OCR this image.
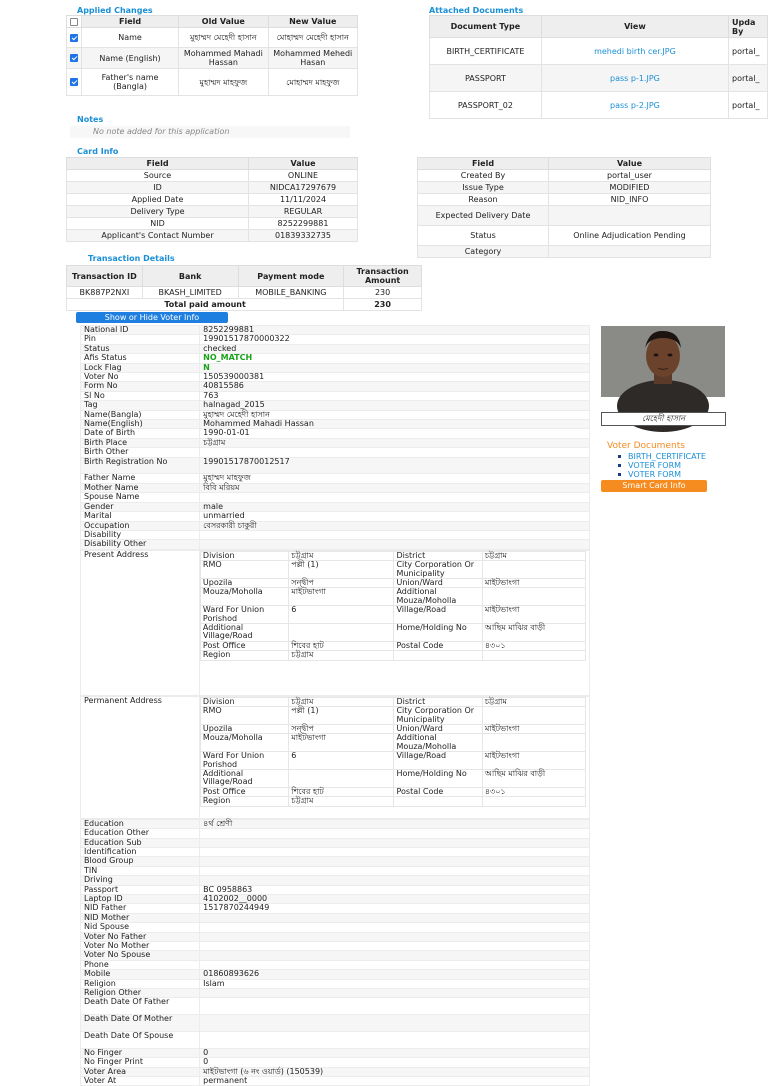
Applied Changes
	Field	Old Value	New Value
	Name	মুহাম্মদ মেহেদী হাসান	মোহাম্মদ মেহেদী হাসান
	Name (English)	Mohammed Mahadi Hassan	Mohammed Mehedi Hasan
	Father's name (Bangla)	মুহাম্মদ মাহফুজ	মোহাম্মদ মাহফুজ
Attached Documents
Document Type	View	Upda By
BIRTH_CERTIFICATE	mehedi birth cer.JPG	portal_
PASSPORT	pass p-1.JPG	portal_
PASSPORT_02	pass p-2.JPG	portal_
Notes
No note added for this application
Card Info
Field	Value
Source	ONLINE
ID	NIDCA17297679
Applied Date	11/11/2024
Delivery Type	REGULAR
NID	8252299881
Applicant's Contact Number	01839332735
Field	Value
Created By	portal_user
Issue Type	MODIFIED
Reason	NID_INFO
Expected Delivery Date	
Status	Online Adjudication Pending
Category	
Transaction Details
Transaction ID	Bank	Payment mode	Transaction Amount
BK887P2NXI	BKASH_LIMITED	MOBILE_BANKING	230
Total paid amount			230
Show or Hide Voter Info
National ID	8252299881
Pin	19901517870000322
Status	checked
Afis Status	NO_MATCH
Lock Flag	N
Voter No	150539000381
Form No	40815586
Sl No	763
Tag	halnagad_2015
Name(Bangla)	মুহাম্মদ মেহেদী হাসান
Name(English)	Mohammed Mahadi Hassan
Date of Birth	1990-01-01
Birth Place	চট্টগ্রাম
Birth Other	
Birth Registration No	19901517870012517
Father Name	মুহাম্মদ মাহফুজ
Mother Name	বিবি মরিয়ম
Spouse Name	
Gender	male
Marital	unmarried
Occupation	বেসরকারী চাকুরী
Disability	
Disability Other	
Present Address		Division	চট্টগ্রাম	District	চট্টগ্রাম
RMO	পল্লী (1)	City Corporation Or Municipality	
Upozila	সন্দ্বীপ	Union/Ward	মাইটভাংগা
Mouza/Moholla	মাইটভাংগা	Additional Mouza/Moholla	
Ward For Union Porishod	6	Village/Road	মাইটভাংগা
Additional Village/Road		Home/Holding No	আছিম মাঝির বাড়ী
Post Office	শিবের হাট	Postal Code	৪৩০১
Region	চট্টগ্রাম		
Permanent Address		Division	চট্টগ্রাম	District	চট্টগ্রাম
RMO	পল্লী (1)	City Corporation Or Municipality	
Upozila	সন্দ্বীপ	Union/Ward	মাইটভাংগা
Mouza/Moholla	মাইটভাংগা	Additional Mouza/Moholla	
Ward For Union Porishod	6	Village/Road	মাইটভাংগা
Additional Village/Road		Home/Holding No	আছিম মাঝির বাড়ী
Post Office	শিবের হাট	Postal Code	৪৩০১
Region	চট্টগ্রাম		
Education	৪র্থ শ্রেণী
Education Other	
Education Sub	
Identification	
Blood Group	
TIN	
Driving	
Passport	BC 0958863
Laptop ID	4102002__0000
NID Father	1517870244949
NID Mother	
Nid Spouse	
Voter No Father	
Voter No Mother	
Voter No Spouse	
Phone	
Mobile	01860893626
Religion	Islam
Religion Other	
Death Date Of Father	
Death Date Of Mother	
Death Date Of Spouse	
No Finger	0
No Finger Print	0
Voter Area	মাইটভাংগা (৬ নং ওয়ার্ড) (150539)
Voter At	permanent
মেহেদী হাসান
Voter Documents
BIRTH_CERTIFICATE
VOTER FORM
VOTER FORM
Smart Card Info
